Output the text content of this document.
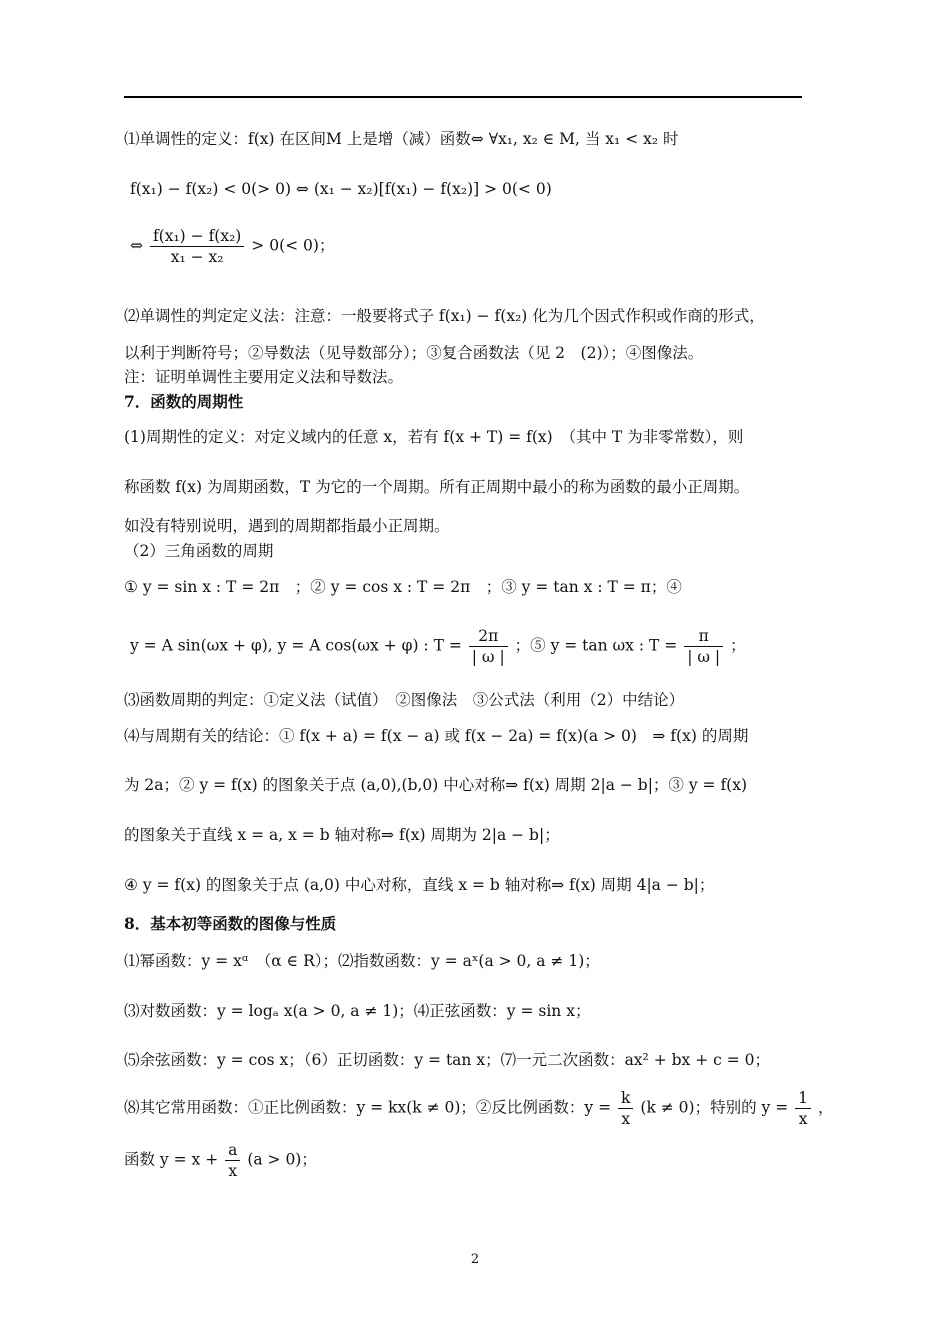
⑴单调性的定义：f(x) 在区间M 上是增（减）函数⇔ ∀x₁, x₂ ∈ M, 当 x₁ < x₂ 时
f(x₁) − f(x₂) < 0(> 0) ⇔ (x₁ − x₂)[f(x₁) − f(x₂)] > 0(< 0)
⇔ $\frac{\text{f(x₁) − f(x₂)}}{\text{x₁ − x₂}} > 0(< 0)$；
⑵单调性的判定定义法：注意：一般要将式子 f(x₁) − f(x₂) 化为几个因式作积或作商的形式，
以利于判断符号；②导数法（见导数部分）；③复合函数法（见 2　(2)）；④图像法。
注：证明单调性主要用定义法和导数法。
7．函数的周期性
(1)周期性的定义：对定义域内的任意 x，若有 f(x + T) = f(x)　（其中 T 为非零常数），则
称函数 f(x) 为周期函数，T 为它的一个周期。所有正周期中最小的称为函数的最小正周期。
如没有特别说明，遇到的周期都指最小正周期。
（2）三角函数的周期
① y = sin x : T = 2π　；② y = cos x : T = 2π　；③ y = tan x : T = π；④
y = A sin(ωx + φ), y = A cos(ωx + φ) : $T = \frac{2\pi}{| \omega |}$ ；⑤ y = tan ωx : $T = \frac{\pi}{| \omega |}$ ；
⑶函数周期的判定：①定义法（试值）　②图像法　③公式法（利用（2）中结论）
⑷与周期有关的结论：① f(x + a) = f(x − a) 或 f(x − 2a) = f(x)(a > 0)　⇒ f(x) 的周期
为 2a；② y = f(x) 的图象关于点 (a,0),(b,0) 中心对称⇒ f(x) 周期 2|a − b|；③ y = f(x)
的图象关于直线 x = a, x = b 轴对称⇒ f(x) 周期为 2|a − b|；
④ y = f(x) 的图象关于点 (a,0) 中心对称，直线 x = b 轴对称⇒ f(x) 周期 4|a − b|；
8．基本初等函数的图像与性质
⑴幂函数：y = xᵅ　（α ∈ R）；⑵指数函数：y = aˣ(a > 0, a ≠ 1)；
⑶对数函数：y = logₐ x(a > 0, a ≠ 1)；⑷正弦函数：y = sin x；
⑸余弦函数：y = cos x；（6）正切函数：y = tan x；⑺一元二次函数：ax² + bx + c = 0；
⑻其它常用函数：①正比例函数：y = kx(k ≠ 0)；②反比例函数：$y = \frac{k}{x} (k \ne 0)$；特别的 $y = \frac{1}{x}$ ，
函数 $y = x + \frac{a}{x} (a > 0)$；
2
